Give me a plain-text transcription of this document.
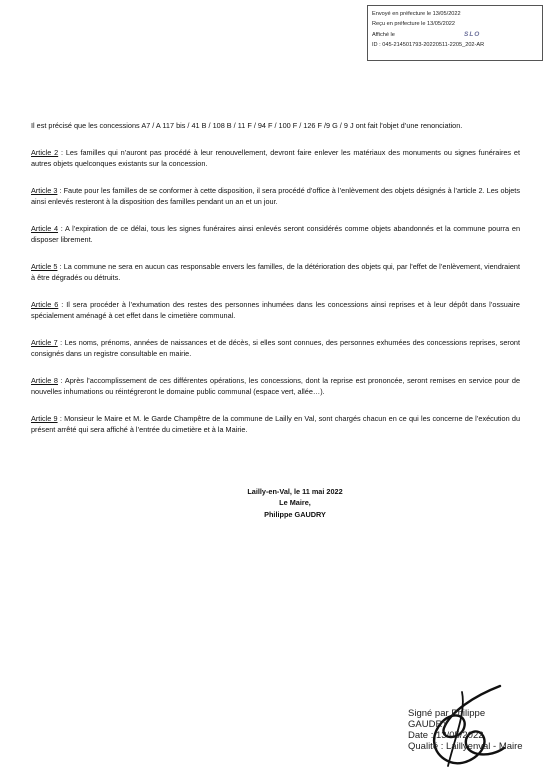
Envoyé en préfecture le 13/05/2022
Reçu en préfecture le 13/05/2022
Affiché le	SLO
ID : 045-214501793-20220511-2205_202-AR

Il est précisé que les concessions A7 / A 117 bis / 41 B / 108 B / 11 F / 94 F / 100 F / 126 F /9 G / 9 J ont fait l’objet d’une renonciation.

Article 2 : Les familles qui n’auront pas procédé à leur renouvellement, devront faire enlever les matériaux des monuments ou signes funéraires et autres objets quelconques existants sur la concession.

Article 3 : Faute pour les familles de se conformer à cette disposition, il sera procédé d’office à l’enlèvement des objets désignés à l’article 2. Les objets ainsi enlevés resteront à la disposition des familles pendant un an et un jour.

Article 4 : A l’expiration de ce délai, tous les signes funéraires ainsi enlevés seront considérés comme objets abandonnés et la commune pourra en disposer librement.

Article 5 : La commune ne sera en aucun cas responsable envers les familles, de la détérioration des objets qui, par l’effet de l’enlèvement, viendraient à être dégradés ou détruits.

Article 6 : Il sera procéder à l’exhumation des restes des personnes inhumées dans les concessions ainsi reprises et à leur dépôt dans l’ossuaire spécialement aménagé à cet effet dans le cimetière communal.

Article 7 : Les noms, prénoms, années de naissances et de décès, si elles sont connues, des personnes exhumées des concessions reprises, seront consignés dans un registre consultable en mairie.

Article 8 : Après l’accomplissement de ces différentes opérations, les concessions, dont la reprise est prononcée, seront remises en service pour de nouvelles inhumations ou réintégreront le domaine public communal (espace vert, allée…).

Article 9 : Monsieur le Maire et M. le Garde Champêtre de la commune de Lailly en Val, sont chargés chacun en ce qui les concerne de l’exécution du présent arrêté qui sera affiché à l’entrée du cimetière et à la Mairie.

Lailly-en-Val, le 11 mai 2022
Le Maire,
Philippe GAUDRY
Signé par Philippe
GAUDRY
Date : 13/05/2022
Qualité : Laillyenval - Maire
